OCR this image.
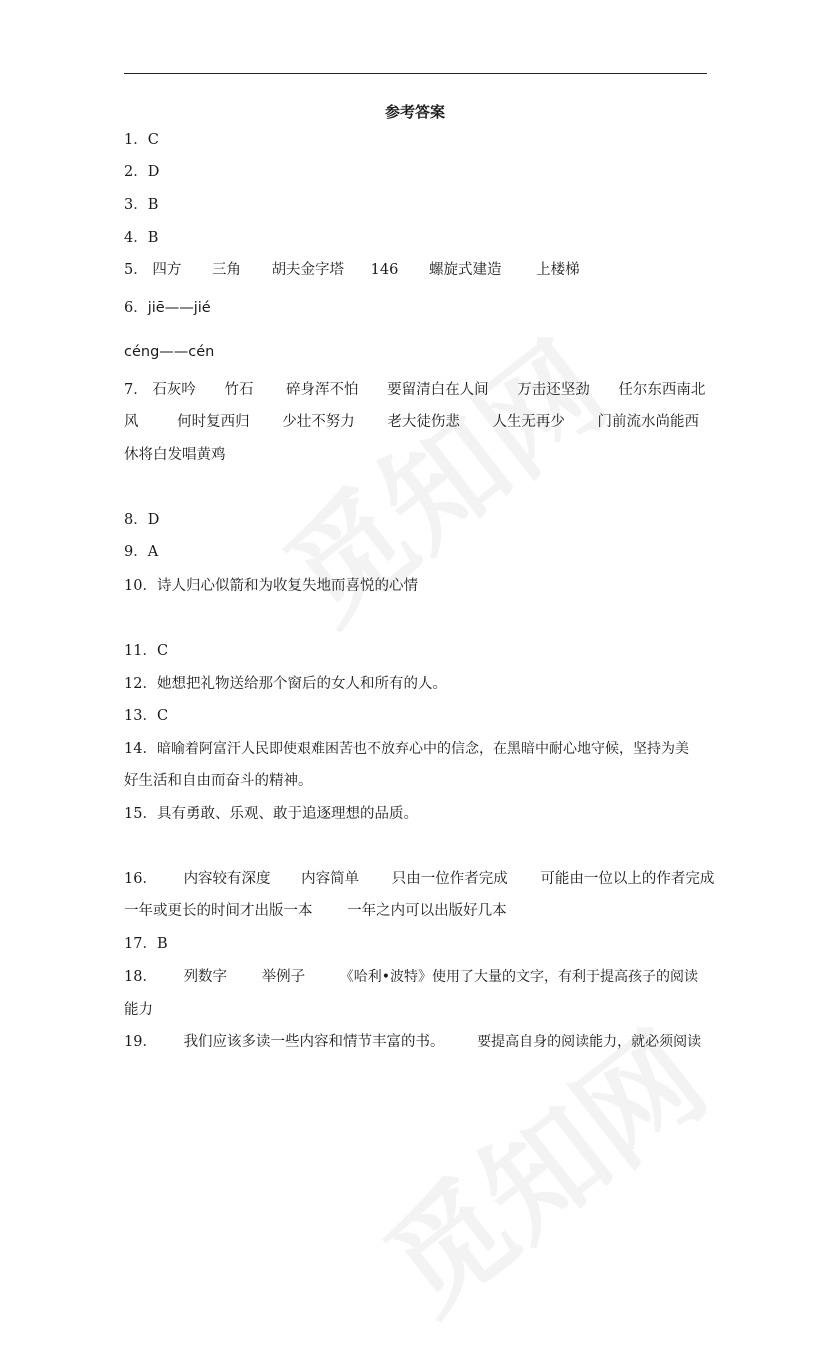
参考答案
1．C
2．D
3．B
4．B
5． 四方 三角 胡夫金字塔 146 螺旋式建造 上楼梯
6．jiē——jié
céng——cén
7． 石灰吟 竹石 碎身浑不怕 要留清白在人间 万击还坚劲 任尔东西南北
风	何时复西归 少壮不努力 老大徒伤悲 人生无再少 门前流水尚能西
休将白发唱黄鸡
8．D
9．A
10．诗人归心似箭和为收复失地而喜悦的心情
11．C
12．她想把礼物送给那个窗后的女人和所有的人。
13．C
14．暗喻着阿富汗人民即使艰难困苦也不放弃心中的信念，在黑暗中耐心地守候，坚持为美
好生活和自由而奋斗的精神。
15．具有勇敢、乐观、敢于追逐理想的品质。
16． 内容较有深度 内容简单 只由一位作者完成 可能由一位以上的作者完成
一年或更长的时间才出版一本 一年之内可以出版好几本
17．B
18． 列数字 举例子 《哈利•波特》使用了大量的文字，有利于提高孩子的阅读
能力
19． 我们应该多读一些内容和情节丰富的书。 要提高自身的阅读能力，就必须阅读
